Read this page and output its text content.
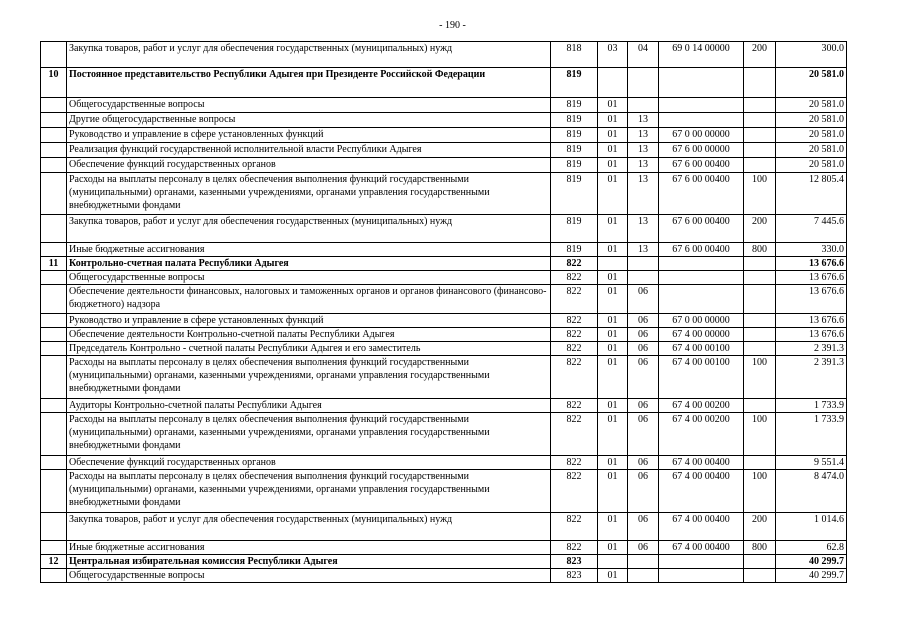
- 190 -
	Закупка товаров, работ и услуг для обеспечения государственных (муниципальных) нужд	818	03	04	69 0 14 00000	200	300.0
10	Постоянное представительство Республики Адыгея при Президенте Российской Федерации	819					20 581.0
	Общегосударственные вопросы	819	01				20 581.0
	Другие общегосударственные вопросы	819	01	13			20 581.0
	Руководство и управление в сфере установленных функций	819	01	13	67 0 00 00000		20 581.0
	Реализация функций государственной исполнительной власти Республики Адыгея	819	01	13	67 6 00 00000		20 581.0
	Обеспечение функций государственных органов	819	01	13	67 6 00 00400		20 581.0
	Расходы на выплаты персоналу в целях обеспечения выполнения функций государственными (муниципальными) органами, казенными учреждениями, органами управления государственными внебюджетными фондами	819	01	13	67 6 00 00400	100	12 805.4
	Закупка товаров, работ и услуг для обеспечения государственных (муниципальных) нужд	819	01	13	67 6 00 00400	200	7 445.6
	Иные бюджетные ассигнования	819	01	13	67 6 00 00400	800	330.0
11	Контрольно-счетная палата Республики Адыгея	822					13 676.6
	Общегосударственные вопросы	822	01				13 676.6
	Обеспечение деятельности финансовых, налоговых и таможенных органов и органов финансового (финансово-бюджетного) надзора	822	01	06			13 676.6
	Руководство и управление в сфере установленных функций	822	01	06	67 0 00 00000		13 676.6
	Обеспечение деятельности Контрольно-счетной палаты Республики Адыгея	822	01	06	67 4 00 00000		13 676.6
	Председатель Контрольно - счетной палаты Республики Адыгея и его заместитель	822	01	06	67 4 00 00100		2 391.3
	Расходы на выплаты персоналу в целях обеспечения выполнения функций государственными (муниципальными) органами, казенными учреждениями, органами управления государственными внебюджетными фондами	822	01	06	67 4 00 00100	100	2 391.3
	Аудиторы Контрольно-счетной палаты Республики Адыгея	822	01	06	67 4 00 00200		1 733.9
	Расходы на выплаты персоналу в целях обеспечения выполнения функций государственными (муниципальными) органами, казенными учреждениями, органами управления государственными внебюджетными фондами	822	01	06	67 4 00 00200	100	1 733.9
	Обеспечение функций государственных органов	822	01	06	67 4 00 00400		9 551.4
	Расходы на выплаты персоналу в целях обеспечения выполнения функций государственными (муниципальными) органами, казенными учреждениями, органами управления государственными внебюджетными фондами	822	01	06	67 4 00 00400	100	8 474.0
	Закупка товаров, работ и услуг для обеспечения государственных (муниципальных) нужд	822	01	06	67 4 00 00400	200	1 014.6
	Иные бюджетные ассигнования	822	01	06	67 4 00 00400	800	62.8
12	Центральная избирательная комиссия Республики Адыгея	823					40 299.7
	Общегосударственные вопросы	823	01				40 299.7
